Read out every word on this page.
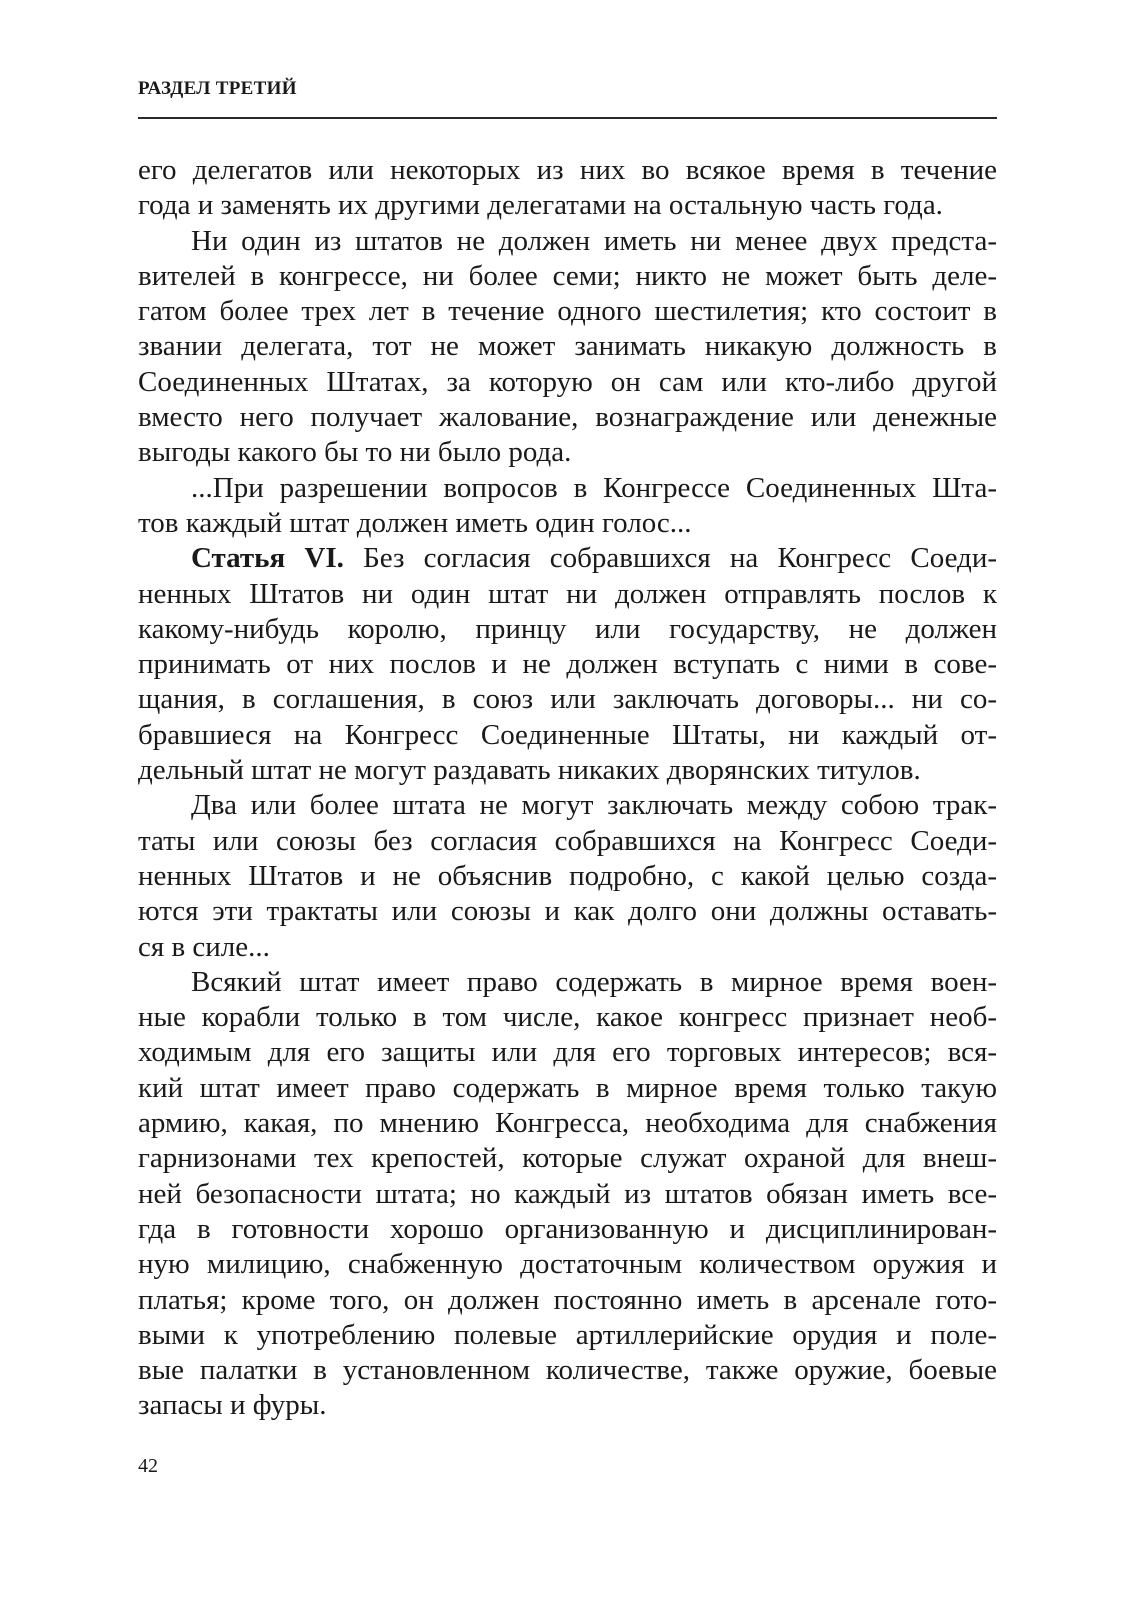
РАЗДЕЛ ТРЕТИЙ

его делегатов или некоторых из них во всякое время в течение
года и заменять их другими делегатами на остальную часть года.

Ни один из штатов не должен иметь ни менее двух предста-
вителей в конгрессе, ни более семи; никто не может быть деле-
гатом более трех лет в течение одного шестилетия; кто состоит в
звании делегата, тот не может занимать никакую должность в
Соединенных Штатах, за которую он сам или кто-либо другой
вместо него получает жалование, вознаграждение или денежные
выгоды какого бы то ни было рода.

...При разрешении вопросов в Конгрессе Соединенных Шта-
тов каждый штат должен иметь один голос...

Статья VI. Без согласия собравшихся на Конгресс Соеди-
ненных Штатов ни один штат ни должен отправлять послов к
какому-нибудь королю, принцу или государству, не должен
принимать от них послов и не должен вступать с ними в сове-
щания, в соглашения, в союз или заключать договоры... ни со-
бравшиеся на Конгресс Соединенные Штаты, ни каждый от-
дельный штат не могут раздавать никаких дворянских титулов.

Два или более штата не могут заключать между собою трак-
таты или союзы без согласия собравшихся на Конгресс Соеди-
ненных Штатов и не объяснив подробно, с какой целью созда-
ются эти трактаты или союзы и как долго они должны оставать-
ся в силе...

Всякий штат имеет право содержать в мирное время воен-
ные корабли только в том числе, какое конгресс признает необ-
ходимым для его защиты или для его торговых интересов; вся-
кий штат имеет право содержать в мирное время только такую
армию, какая, по мнению Конгресса, необходима для снабжения
гарнизонами тех крепостей, которые служат охраной для внеш-
ней безопасности штата; но каждый из штатов обязан иметь все-
гда в готовности хорошо организованную и дисциплинирован-
ную милицию, снабженную достаточным количеством оружия и
платья; кроме того, он должен постоянно иметь в арсенале гото-
выми к употреблению полевые артиллерийские орудия и поле-
вые палатки в установленном количестве, также оружие, боевые
запасы и фуры.

42
